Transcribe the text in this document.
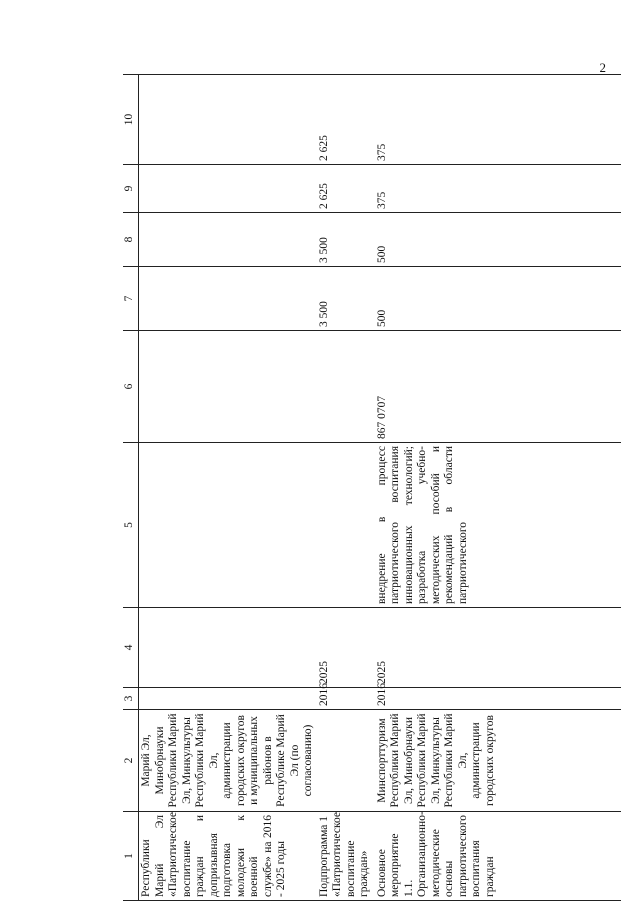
2
1	2	3	4	5	6	7	8	9	10
Республики Марий Эл «Патриотическое воспитание граждан и допризывная подготовка молодежи к военной службе» на 2016 - 2025 годы	Марий Эл, Минобрнауки Республики Марий Эл, Минкультуры Республики Марий Эл, администрации городских округов и муниципальных районов в Республике Марий Эл (по согласованию)								
Подпрограмма 1 «Патриотическое воспитание граждан»		2016	2025			3 500	3 500	2 625	2 625
Основное мероприятие 1.1. Организационно-методические основы патриотического воспитания граждан	Минспорттуризм Республики Марий Эл, Минобрнауки Республики Марий Эл, Минкультуры Республики Марий Эл, администрации городских округов	2016	2025	внедрение в процесс патриотического воспитания инновационных технологий; разработка учебно-методических пособий и рекомендаций в области патриотического	867 0707	500	500	375	375
